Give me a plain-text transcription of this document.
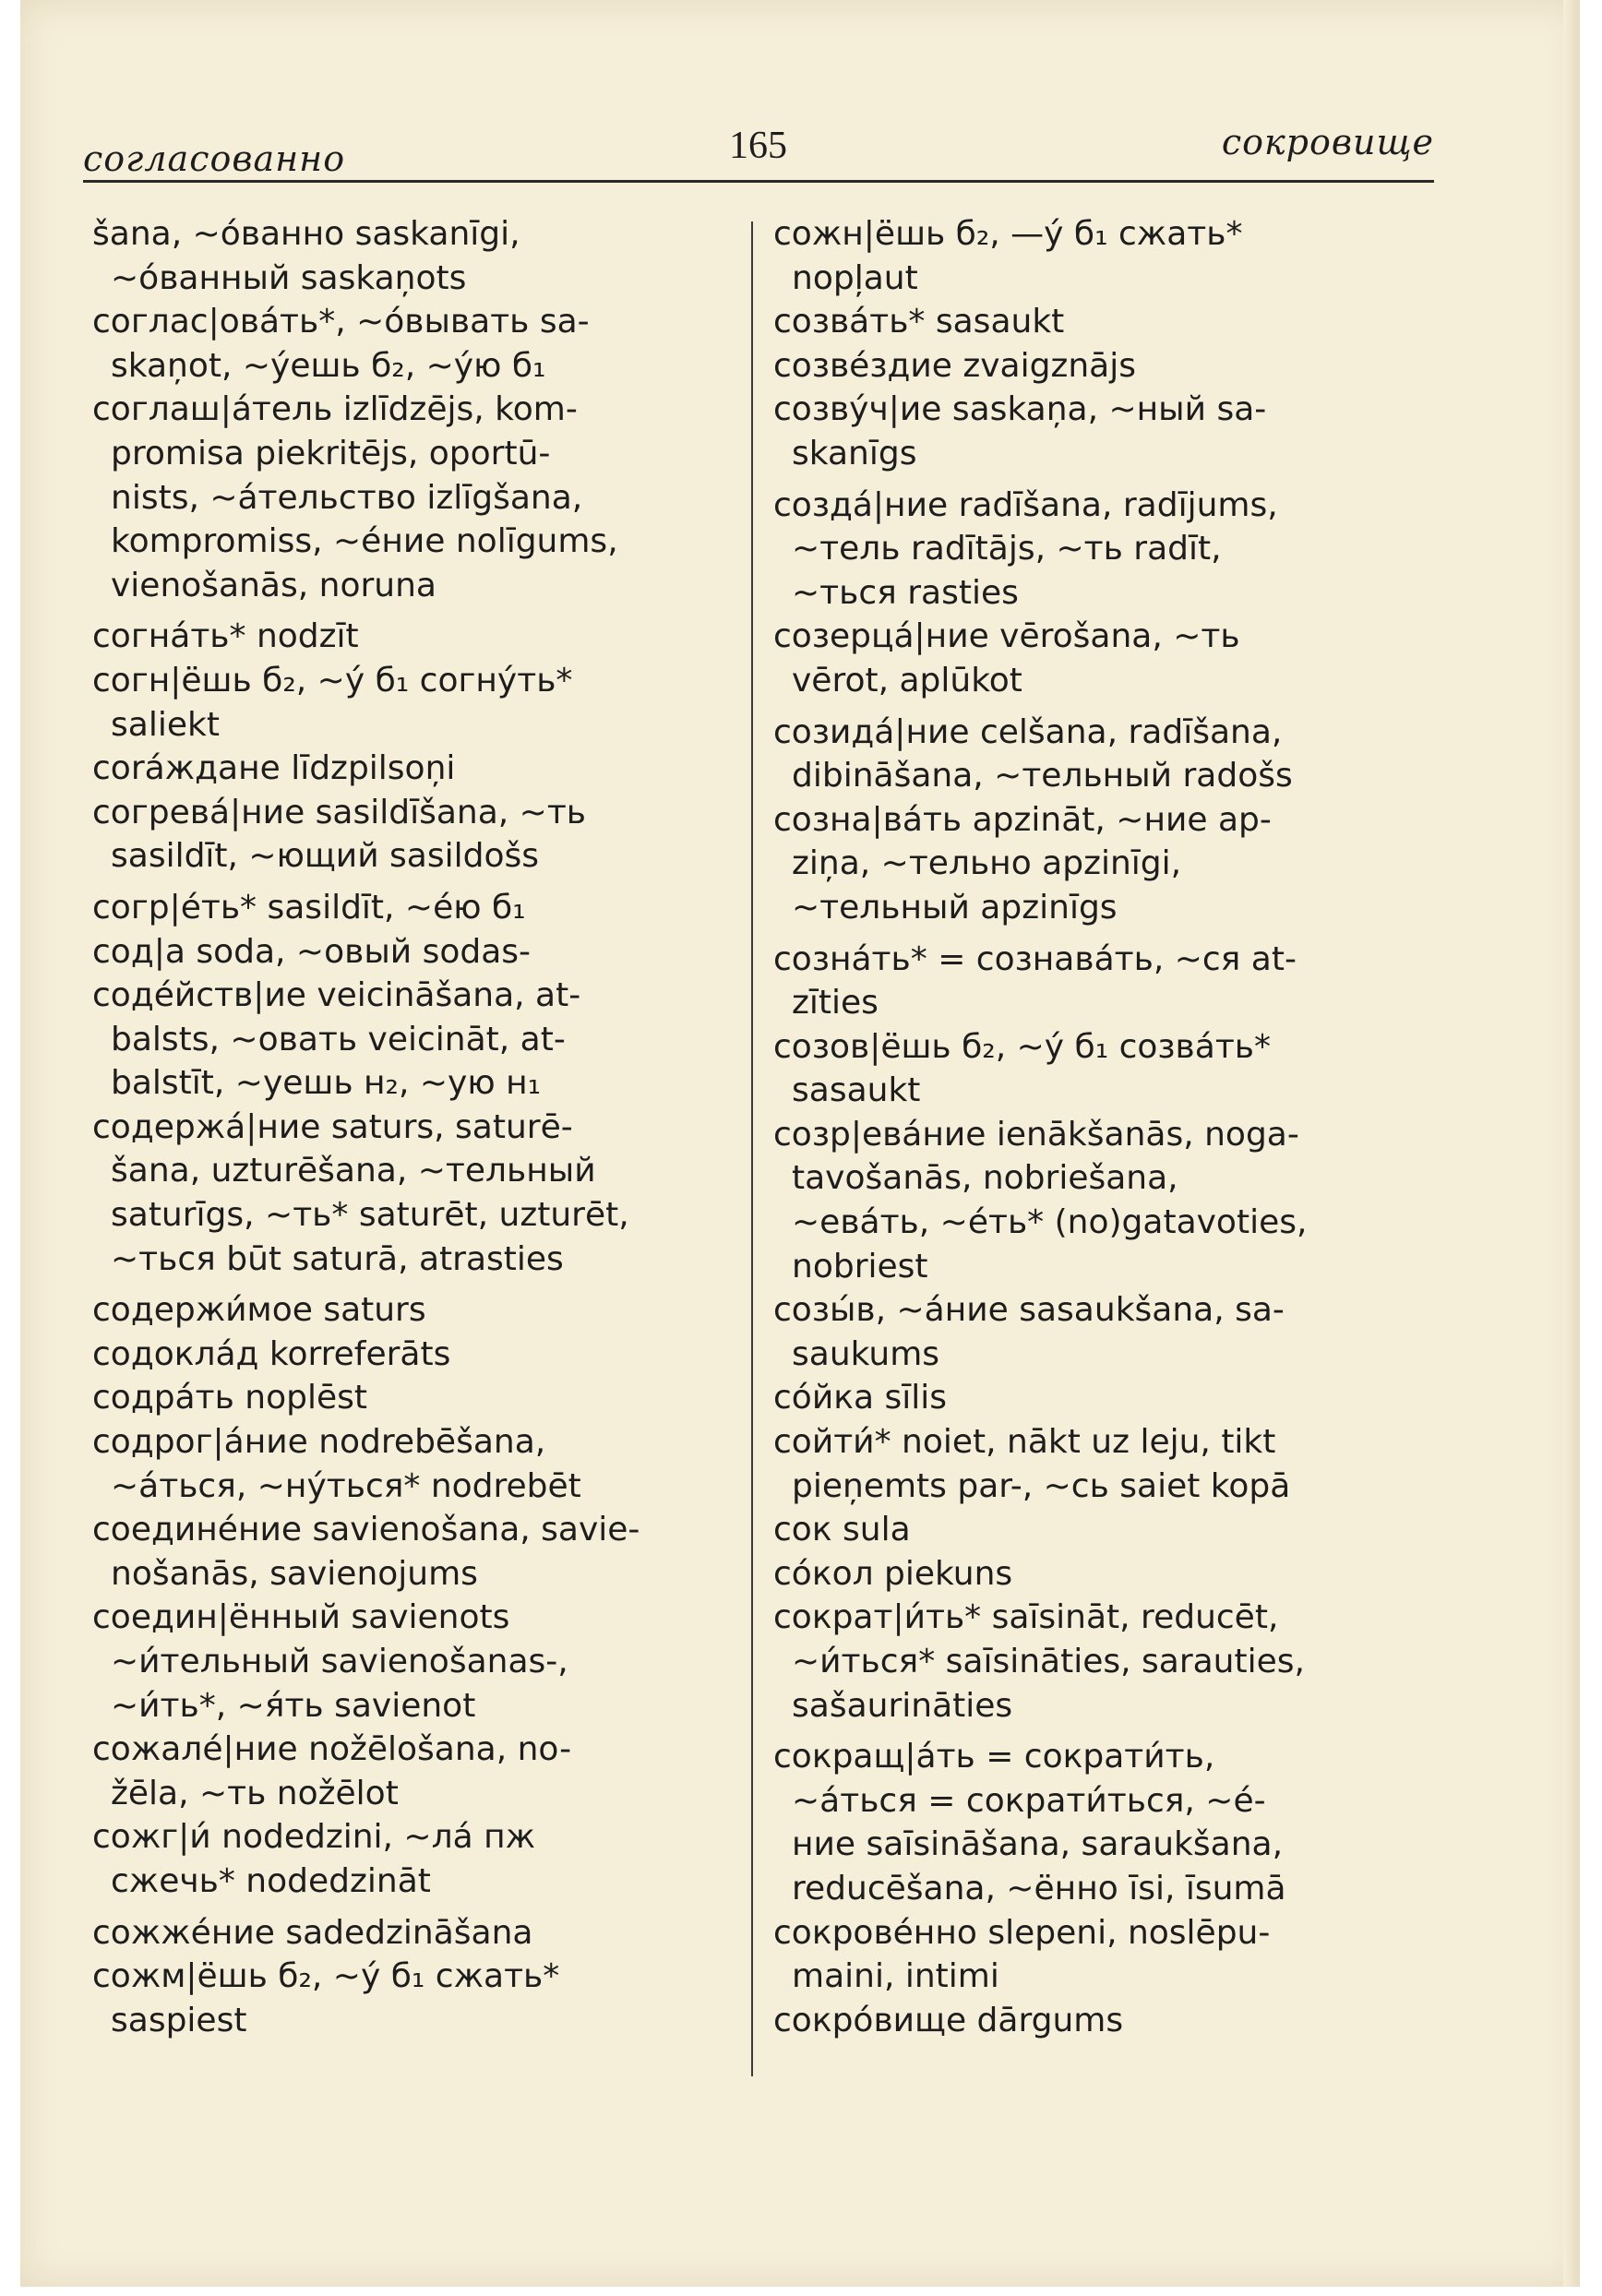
согласованно	165	сокровище
šana, ~óванно saskanīgi,
~óванный saskaņots
соглас|овáть*, ~óвывать sa-
skaņot, ~ýешь б₂, ~ýю б₁
соглаш|áтель izlīdzējs, kom-
promisa piekritējs, oportū-
nists, ~áтельство izlīgšana,
kompromiss, ~éние nolīgums,
vienošanās, noruna
согнáть* nodzīt
согн|ёшь б₂, ~ý б₁ согнýть*
saliekt
соráждане līdzpilsoņi
согревá|ние sasildīšana, ~ть
sasildīt, ~ющий sasildošs
согр|éть* sasildīt, ~éю б₁
сод|а soda, ~овый sodas-
содéйств|ие veicināšana, at-
balsts, ~овать veicināt, at-
balstīt, ~уешь н₂, ~ую н₁
содержá|ние saturs, saturē-
šana, uzturēšana, ~тельный
saturīgs, ~ть* saturēt, uzturēt,
~ться būt saturā, atrasties
содержи́мое saturs
содоклáд korreferāts
содрáть noplēst
содрог|áние nodrebēšana,
~áться, ~нýться* nodrebēt
соединéние savienošana, savie-
nošanās, savienojums
соедин|ённый savienots
~и́тельный savienošanas-,
~и́ть*, ~я́ть savienot
сожалé|ние nožēlošana, no-
žēla, ~ть nožēlot
сожг|и́ nodedzini, ~лá пж
сжечь* nodedzināt
сожжéние sadedzināšana
сожм|ёшь б₂, ~ý б₁ сжать*
saspiest
сожн|ёшь б₂, —ý б₁ сжать*
nopļaut
созвáть* sasaukt
созвéздие zvaigznājs
созвýч|ие saskaņa, ~ный sa-
skanīgs
создá|ние radīšana, radījums,
~тель radītājs, ~ть radīt,
~ться rasties
созерцá|ние vērošana, ~ть
vērot, aplūkot
созидá|ние celšana, radīšana,
dibināšana, ~тельный radošs
созна|вáть apzināt, ~ние ap-
ziņa, ~тельно apzinīgi,
~тельный apzinīgs
сознáть* = сознавáть, ~ся at-
zīties
созов|ёшь б₂, ~ý б₁ созвáть*
sasaukt
созр|евáние ienākšanās, noga-
tavošanās, nobriešana,
~евáть, ~éть* (no)gatavoties,
nobriest
созы́в, ~áние sasaukšana, sa-
saukums
сóйка sīlis
сойти́* noiet, nākt uz leju, tikt
pieņemts par-, ~сь saiet kopā
сок sula
сóкол piekuns
сократ|и́ть* saīsināt, reducēt,
~и́ться* saīsināties, sarauties,
sašaurināties
сокращ|áть = сократи́ть,
~áться = сократи́ться, ~é-
ние saīsināšana, saraukšana,
reducēšana, ~ённо īsi, īsumā
сокровéнно slepeni, noslēpu-
maini, intimi
сокрóвище dārgums
